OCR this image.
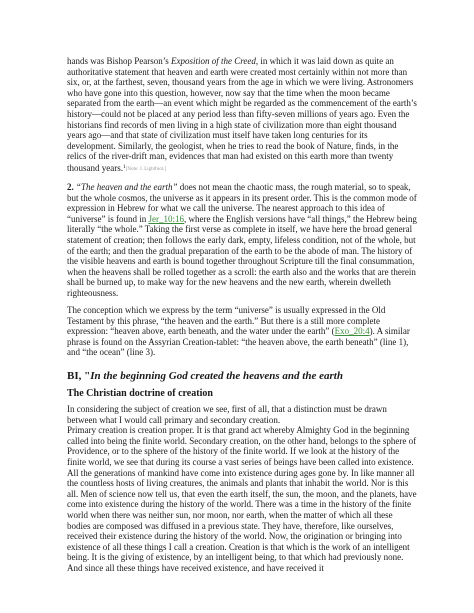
hands was Bishop Pearson’s Exposition of the Creed, in which it was laid down as quite an authoritative statement that heaven and earth were created most certainly within not more than six, or, at the farthest, seven, thousand years from the age in which we were living. Astronomers who have gone into this question, however, now say that the time when the moon became separated from the earth—an event which might be regarded as the commencement of the earth’s history—could not be placed at any period less than fifty-seven millions of years ago. Even the historians find records of men living in a high state of civilization more than eight thousand years ago—and that state of civilization must itself have taken long centuries for its development. Similarly, the geologist, when he tries to read the book of Nature, finds, in the relics of the river-drift man, evidences that man had existed on this earth more than twenty thousand years.$^1$[Note: J. Lightfoot.]

2. “The heaven and the earth” does not mean the chaotic mass, the rough material, so to speak, but the whole cosmos, the universe as it appears in its present order. This is the common mode of expression in Hebrew for what we call the universe. The nearest approach to this idea of “universe” is found in Jer_10:16, where the English versions have “all things,” the Hebrew being literally “the whole.” Taking the first verse as complete in itself, we have here the broad general statement of creation; then follows the early dark, empty, lifeless condition, not of the whole, but of the earth; and then the gradual preparation of the earth to be the abode of man. The history of the visible heavens and earth is bound together throughout Scripture till the final consummation, when the heavens shall be rolled together as a scroll: the earth also and the works that are therein shall be burned up, to make way for the new heavens and the new earth, wherein dwelleth righteousness.

The conception which we express by the term “universe” is usually expressed in the Old Testament by this phrase, “the heaven and the earth.” But there is a still more complete expression: “heaven above, earth beneath, and the water under the earth” (Exo_20:4). A similar phrase is found on the Assyrian Creation-tablet: “the heaven above, the earth beneath” (line 1), and “the ocean” (line 3).

BI, "In the beginning God created the heavens and the earth

The Christian doctrine of creation

In considering the subject of creation we see, first of all, that a distinction must be drawn between what I would call primary and secondary creation.

Primary creation is creation proper. It is that grand act whereby Almighty God in the beginning called into being the finite world. Secondary creation, on the other hand, belongs to the sphere of Providence, or to the sphere of the history of the finite world. If we look at the history of the finite world, we see that during its course a vast series of beings have been called into existence. All the generations of mankind have come into existence during ages gone by. In like manner all the countless hosts of living creatures, the animals and plants that inhabit the world. Nor is this all. Men of science now tell us, that even the earth itself, the sun, the moon, and the planets, have come into existence during the history of the world. There was a time in the history of the finite world when there was neither sun, nor moon, nor earth, when the matter of which all these bodies are composed was diffused in a previous state. They have, therefore, like ourselves, received their existence during the history of the world. Now, the origination or bringing into existence of all these things I call a creation. Creation is that which is the work of an intelligent being. It is the giving of existence, by an intelligent being, to that which had previously none. And since all these things have received existence, and have received it
